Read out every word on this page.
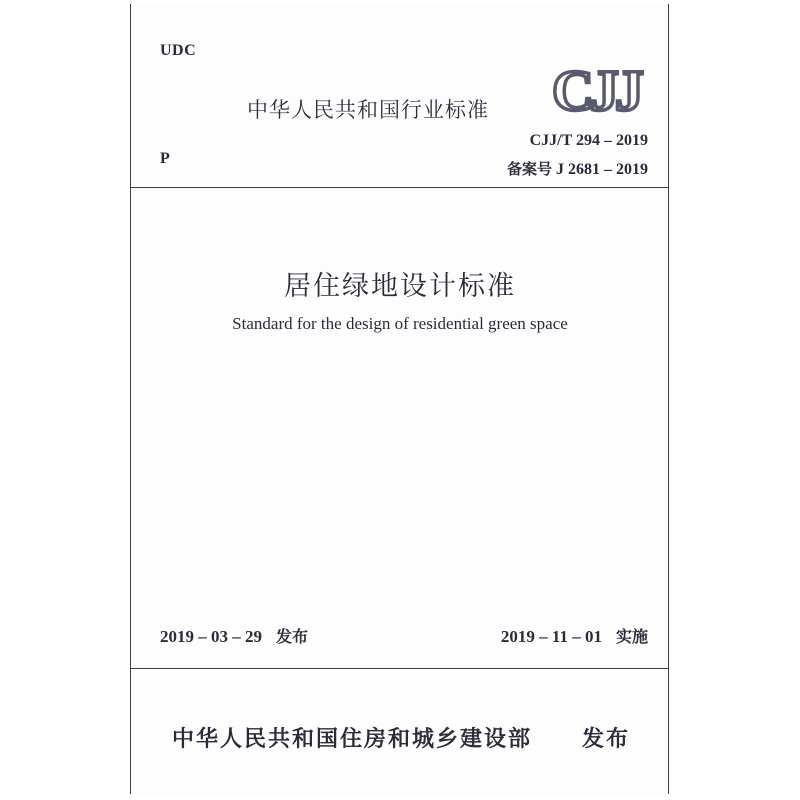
UDC
P
中华人民共和国行业标准 CJJ
CJJ/T 294 – 2019
备案号 J 2681 – 2019
居住绿地设计标准
Standard for the design of residential green space
2019 – 03 – 29 发布	2019 – 11 – 01 实施
中华人民共和国住房和城乡建设部 发布
